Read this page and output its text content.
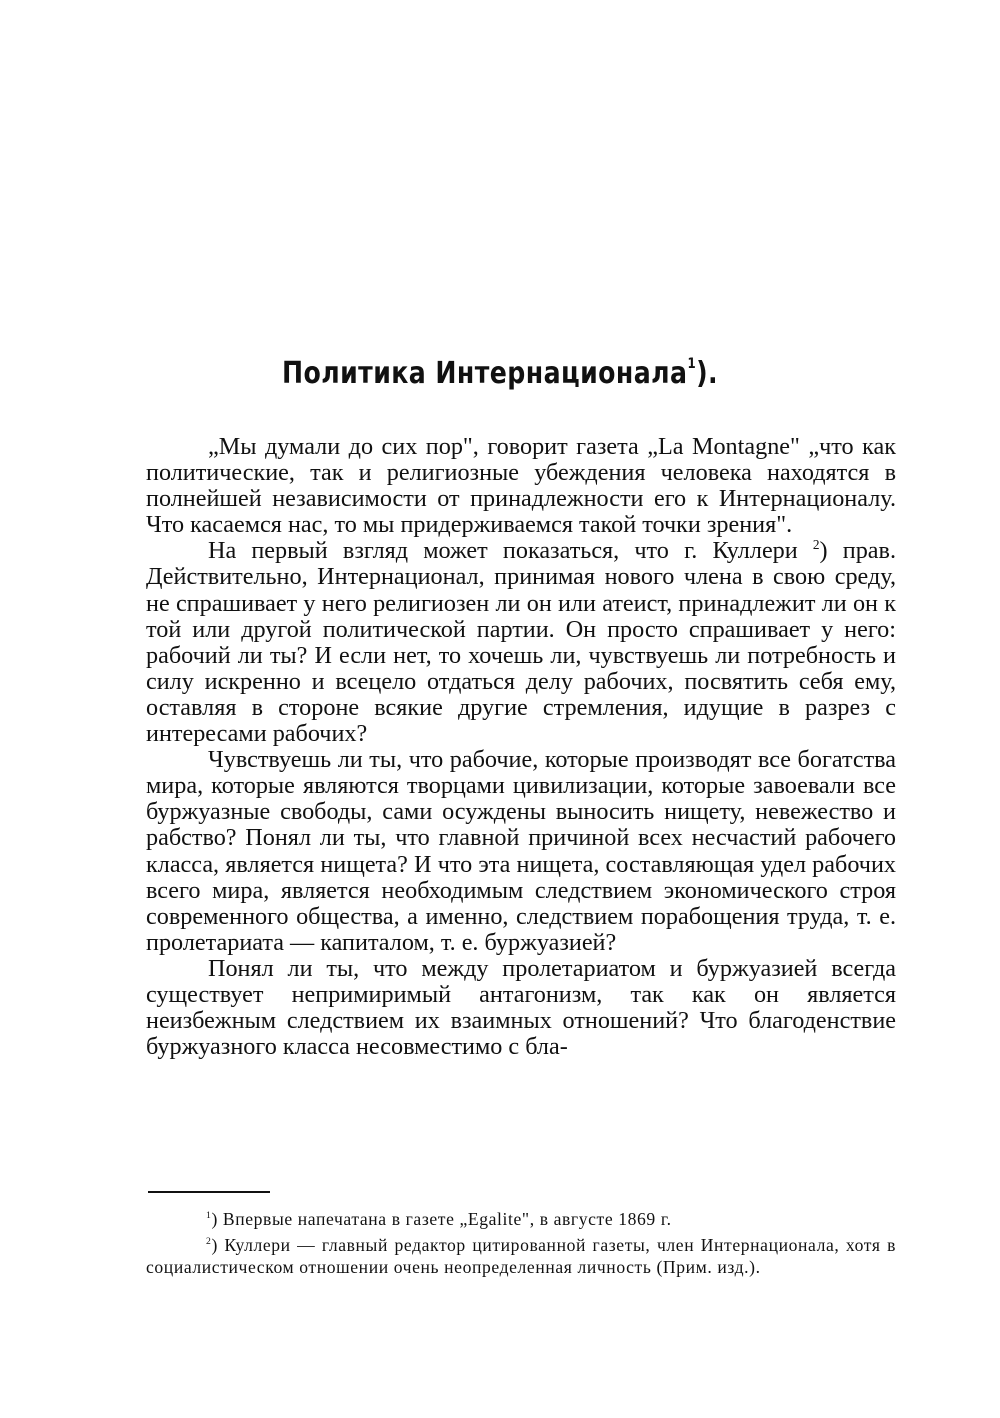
Политика Интернационала$^1$).

„Мы думали до сих пор", говорит газета „La Montagne" „что как политические, так и религиозные убеждения человека находятся в полнейшей независимости от принадлежности его к Интернационалу. Что касаемся нас, то мы придерживаемся такой точки зрения".

На первый взгляд может показаться, что г. Куллери $^2$) прав. Действительно, Интернационал, принимая нового члена в свою среду, не спрашивает у него религиозен ли он или атеист, принадлежит ли он к той или другой политической партии. Он просто спрашивает у него: рабочий ли ты? И если нет, то хочешь ли, чувствуешь ли потребность и силу искренно и всецело отдаться делу рабочих, посвятить себя ему, оставляя в стороне всякие другие стремления, идущие в разрез с интересами рабочих?

Чувствуешь ли ты, что рабочие, которые производят все богатства мира, которые являются творцами цивилизации, которые завоевали все буржуазные свободы, сами осуждены выносить нищету, невежество и рабство? Понял ли ты, что главной причиной всех несчастий рабочего класса, является нищета? И что эта нищета, составляющая удел рабочих всего мира, является необходимым следствием экономического строя современного общества, а именно, следствием порабощения труда, т. е. пролетариата — капиталом, т. е. буржуазией?

Понял ли ты, что между пролетариатом и буржуазией всегда существует непримиримый антагонизм, так как он является неизбежным следствием их взаимных отношений? Что благоденствие буржуазного класса несовместимо с бла-

$^1$) Впервые напечатана в газете „Egalite", в августе 1869 г.

$^2$) Куллери — главный редактор цитированной газеты, член Интернационала, хотя в социалистическом отношении очень неопределенная личность (Прим. изд.).
